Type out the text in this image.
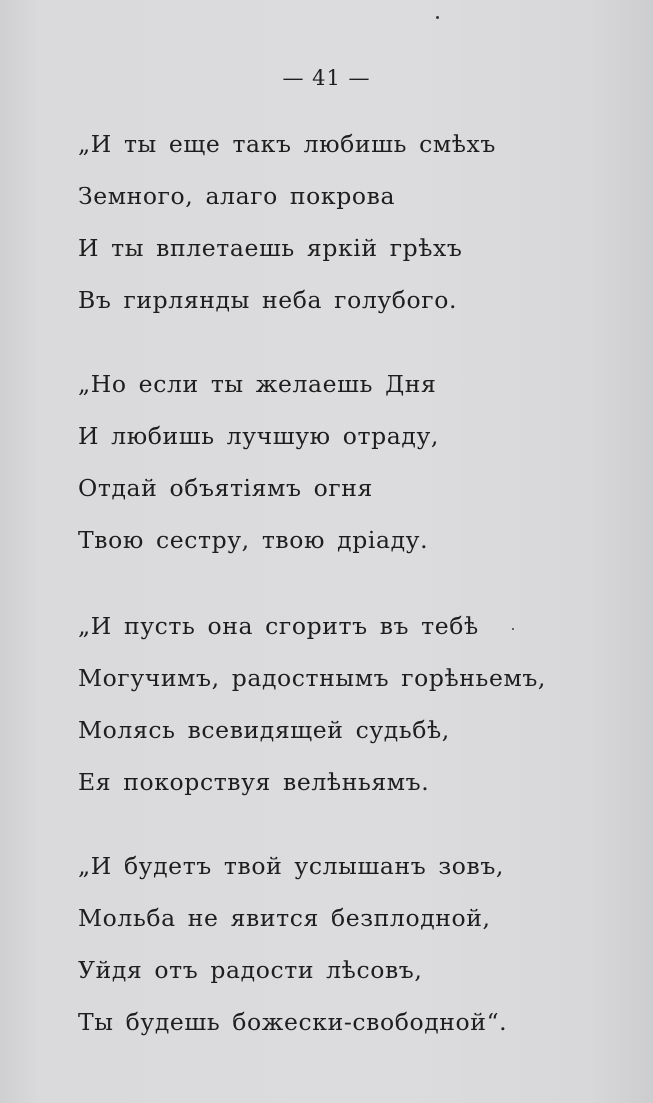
— 41 —
„И ты еще такъ любишь смѣхъ
Земного, алаго покрова
И ты вплетаешь яркій грѣхъ
Въ гирлянды неба голубого.
„Но если ты желаешь Дня
И любишь лучшую отраду,
Отдай объятіямъ огня
Твою сестру, твою дріаду.
„И пусть она сгоритъ въ тебѣ
Могучимъ, радостнымъ горѣньемъ,
Молясь всевидящей судьбѣ,
Ея покорствуя велѣньямъ.
„И будетъ твой услышанъ зовъ,
Мольба не явится безплодной,
Уйдя отъ радости лѣсовъ,
Ты будешь божески-свободной“.
